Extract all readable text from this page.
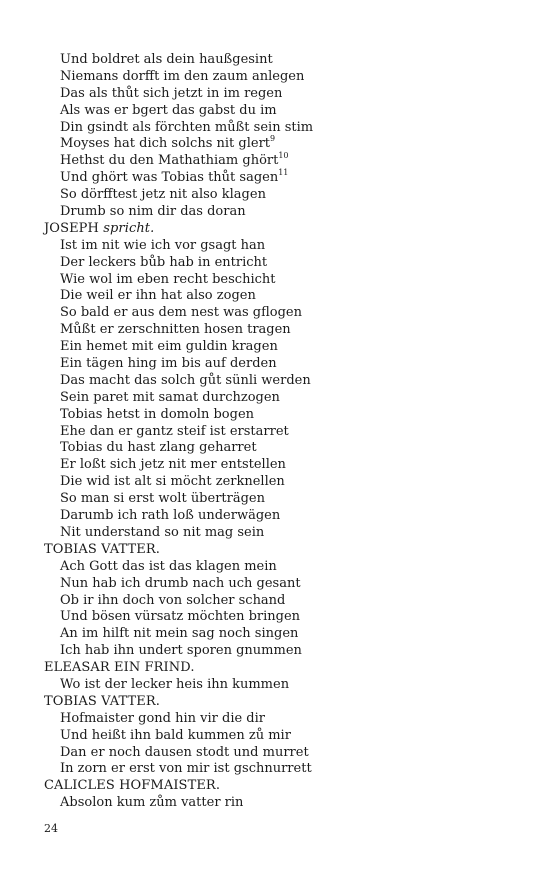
Und boldret als dein haußgesint
Niemans dorfft im den zaum anlegen
Das als thůt sich jetzt in im regen
Als was er bgert das gabst du im
Din gsindt als förchten můßt sein stim
Moyses hat dich solchs nit glert$^9$
Hethst du den Mathathiam ghört$^{10}$
Und ghört was Tobias thůt sagen$^{11}$
So dörfftest jetz nit also klagen
Drumb so nim dir das doran
JOSEPH spricht.
Ist im nit wie ich vor gsagt han
Der leckers bůb hab in entricht
Wie wol im eben recht beschicht
Die weil er ihn hat also zogen
So bald er aus dem nest was gflogen
Můßt er zerschnitten hosen tragen
Ein hemet mit eim guldin kragen
Ein tägen hing im bis auf derden
Das macht das solch gůt sünli werden
Sein paret mit samat durchzogen
Tobias hetst in domoln bogen
Ehe dan er gantz steif ist erstarret
Tobias du hast zlang geharret
Er loßt sich jetz nit mer entstellen
Die wid ist alt si möcht zerknellen
So man si erst wolt überträgen
Darumb ich rath loß underwägen
Nit understand so nit mag sein
TOBIAS VATTER.
Ach Gott das ist das klagen mein
Nun hab ich drumb nach uch gesant
Ob ir ihn doch von solcher schand
Und bösen vürsatz möchten bringen
An im hilft nit mein sag noch singen
Ich hab ihn undert sporen gnummen
ELEASAR EIN FRIND.
Wo ist der lecker heis ihn kummen
TOBIAS VATTER.
Hofmaister gond hin vir die dir
Und heißt ihn bald kummen zů mir
Dan er noch dausen stodt und murret
In zorn er erst von mir ist gschnurrett
CALICLES HOFMAISTER.
Absolon kum zům vatter rin
24
